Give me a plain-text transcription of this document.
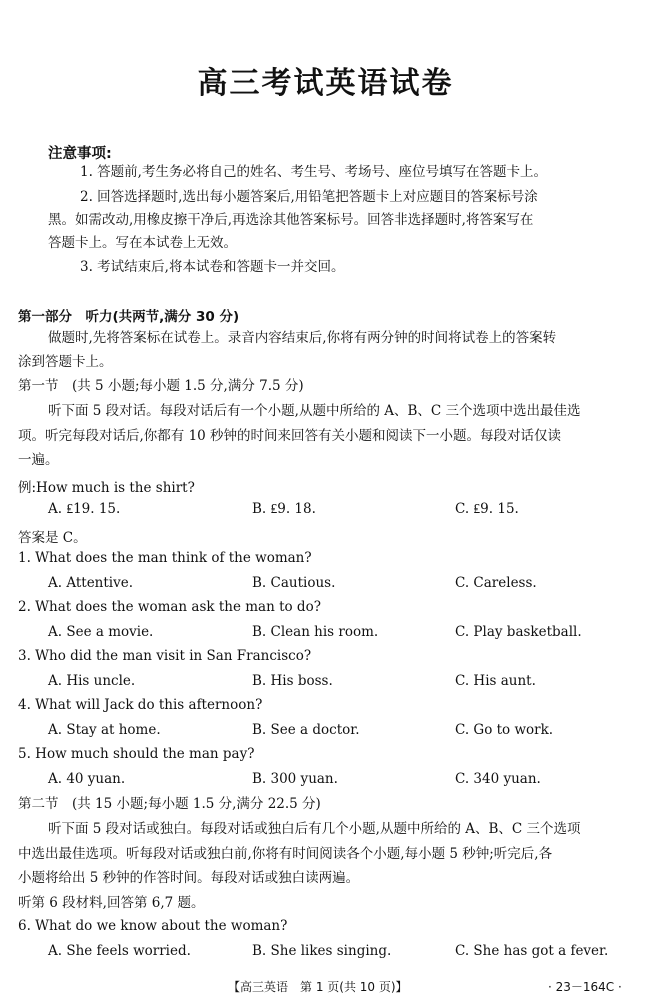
高三考试英语试卷
注意事项:
1. 答题前,考生务必将自己的姓名、考生号、考场号、座位号填写在答题卡上。
2. 回答选择题时,选出每小题答案后,用铅笔把答题卡上对应题目的答案标号涂
黑。如需改动,用橡皮擦干净后,再选涂其他答案标号。回答非选择题时,将答案写在
答题卡上。写在本试卷上无效。
3. 考试结束后,将本试卷和答题卡一并交回。
第一部分　听力(共两节,满分 30 分)
做题时,先将答案标在试卷上。录音内容结束后,你将有两分钟的时间将试卷上的答案转
涂到答题卡上。
第一节　(共 5 小题;每小题 1.5 分,满分 7.5 分)
听下面 5 段对话。每段对话后有一个小题,从题中所给的 A、B、C 三个选项中选出最佳选
项。听完每段对话后,你都有 10 秒钟的时间来回答有关小题和阅读下一小题。每段对话仅读
一遍。
例:How much is the shirt?
A. ₤19. 15.	B. ₤9. 18.	C. ₤9. 15.
答案是 C。
1. What does the man think of the woman?
A. Attentive.	B. Cautious.	C. Careless.
2. What does the woman ask the man to do?
A. See a movie.	B. Clean his room.	C. Play basketball.
3. Who did the man visit in San Francisco?
A. His uncle.	B. His boss.	C. His aunt.
4. What will Jack do this afternoon?
A. Stay at home.	B. See a doctor.	C. Go to work.
5. How much should the man pay?
A. 40 yuan.	B. 300 yuan.	C. 340 yuan.
第二节　(共 15 小题;每小题 1.5 分,满分 22.5 分)
听下面 5 段对话或独白。每段对话或独白后有几个小题,从题中所给的 A、B、C 三个选项
中选出最佳选项。听每段对话或独白前,你将有时间阅读各个小题,每小题 5 秒钟;听完后,各
小题将给出 5 秒钟的作答时间。每段对话或独白读两遍。
听第 6 段材料,回答第 6,7 题。
6. What do we know about the woman?
A. She feels worried.	B. She likes singing.	C. She has got a fever.
【高三英语　第 1 页(共 10 页)】	· 23－164C ·
